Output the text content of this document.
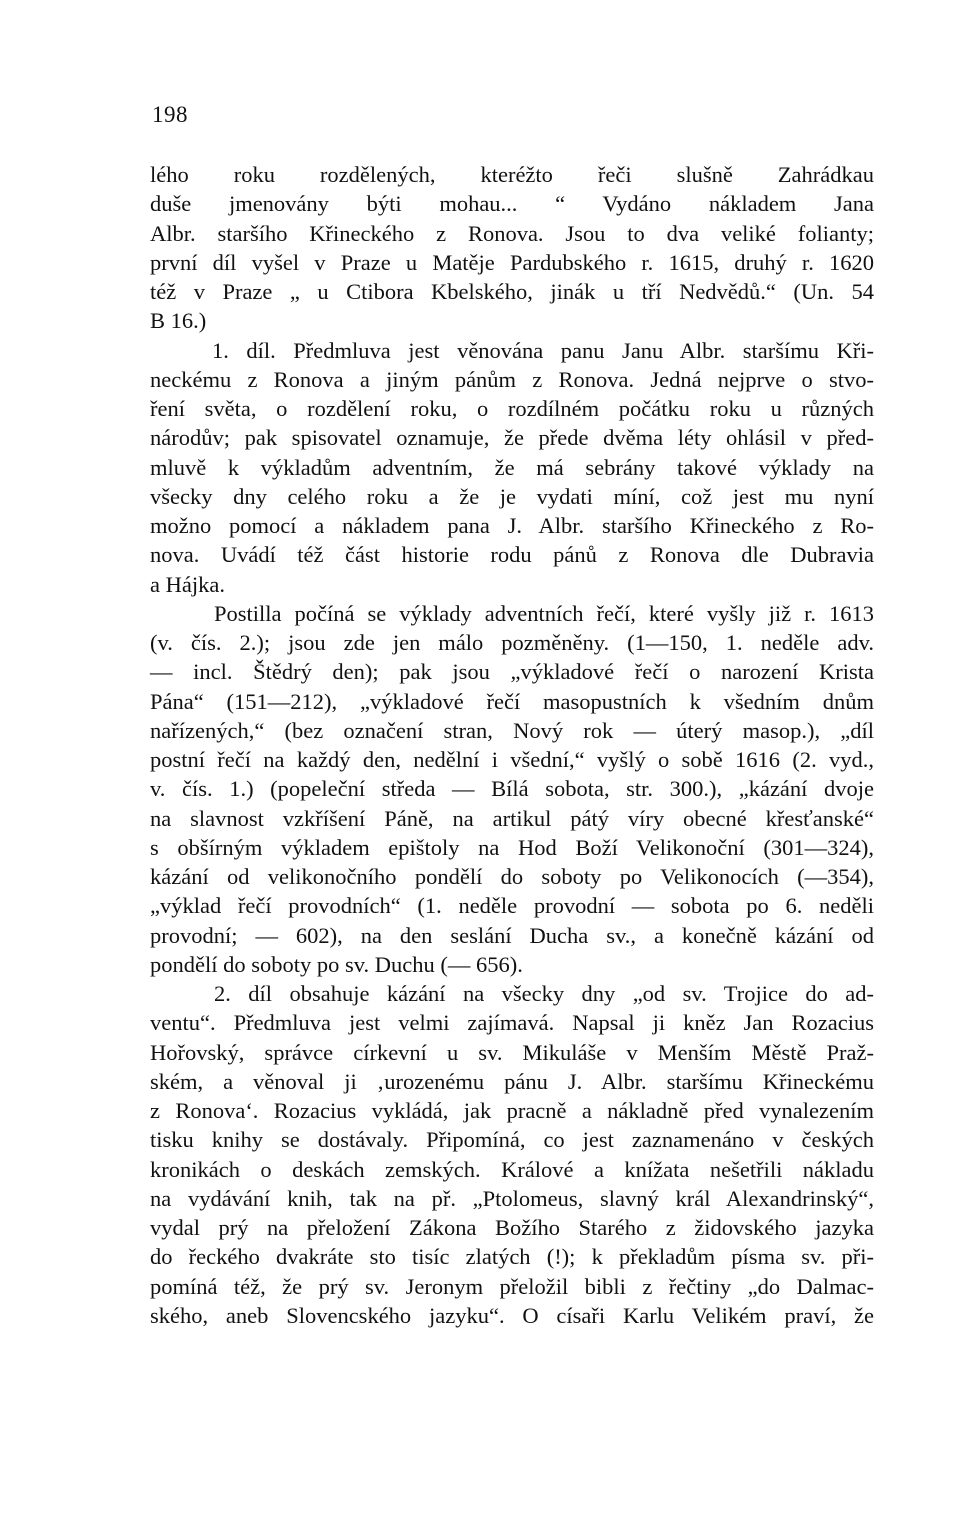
198
lého roku rozdělených, kteréžto řeči slušně Zahrádkau
duše jmenovány býti mohau... “ Vydáno nákladem Jana
Albr. staršího Křineckého z Ronova. Jsou to dva veliké folianty;
první díl vyšel v Praze u Matěje Pardubského r. 1615, druhý r. 1620
též v Praze „ u Ctibora Kbelského, jinák u tří Nedvědů.“ (Un. 54
B 16.)
1. díl. Předmluva jest věnována panu Janu Albr. staršímu Kři-
neckému z Ronova a jiným pánům z Ronova. Jedná nejprve o stvo-
ření světa, o rozdělení roku, o rozdílném počátku roku u různých
národův; pak spisovatel oznamuje, že přede dvěma léty ohlásil v před-
mluvě k výkladům adventním, že má sebrány takové výklady na
všecky dny celého roku a že je vydati míní, což jest mu nyní
možno pomocí a nákladem pana J. Albr. staršího Křineckého z Ro-
nova. Uvádí též část historie rodu pánů z Ronova dle Dubravia
a Hájka.
Postilla počíná se výklady adventních řečí, které vyšly již r. 1613
(v. čís. 2.); jsou zde jen málo pozměněny. (1—150, 1. neděle adv.
— incl. Štědrý den); pak jsou „výkladové řečí o narození Krista
Pána“ (151—212), „výkladové řečí masopustních k všedním dnům
nařízených,“ (bez označení stran, Nový rok — úterý masop.), „díl
postní řečí na každý den, nedělní i všední,“ vyšlý o sobě 1616 (2. vyd.,
v. čís. 1.) (popeleční středa — Bílá sobota, str. 300.), „kázání dvoje
na slavnost vzkříšení Páně, na artikul pátý víry obecné křesťanské“
s obšírným výkladem epištoly na Hod Boží Velikonoční (301—324),
kázání od velikonočního pondělí do soboty po Velikonocích (—354),
„výklad řečí provodních“ (1. neděle provodní — sobota po 6. neděli
provodní; — 602), na den seslání Ducha sv., a konečně kázání od
pondělí do soboty po sv. Duchu (— 656).
2. díl obsahuje kázání na všecky dny „od sv. Trojice do ad-
ventu“. Předmluva jest velmi zajímavá. Napsal ji kněz Jan Rozacius
Hořovský, správce církevní u sv. Mikuláše v Menším Městě Praž-
ském, a věnoval ji ‚urozenému pánu J. Albr. staršímu Křineckému
z Ronova‘. Rozacius vykládá, jak pracně a nákladně před vynalezením
tisku knihy se dostávaly. Připomíná, co jest zaznamenáno v českých
kronikách o deskách zemských. Králové a knížata nešetřili nákladu
na vydávání knih, tak na př. „Ptolomeus, slavný král Alexandrinský“,
vydal prý na přeložení Zákona Božího Starého z židovského jazyka
do řeckého dvakráte sto tisíc zlatých (!); k překladům písma sv. při-
pomíná též, že prý sv. Jeronym přeložil bibli z řečtiny „do Dalmac-
ského, aneb Slovencského jazyku“. O císaři Karlu Velikém praví, že
